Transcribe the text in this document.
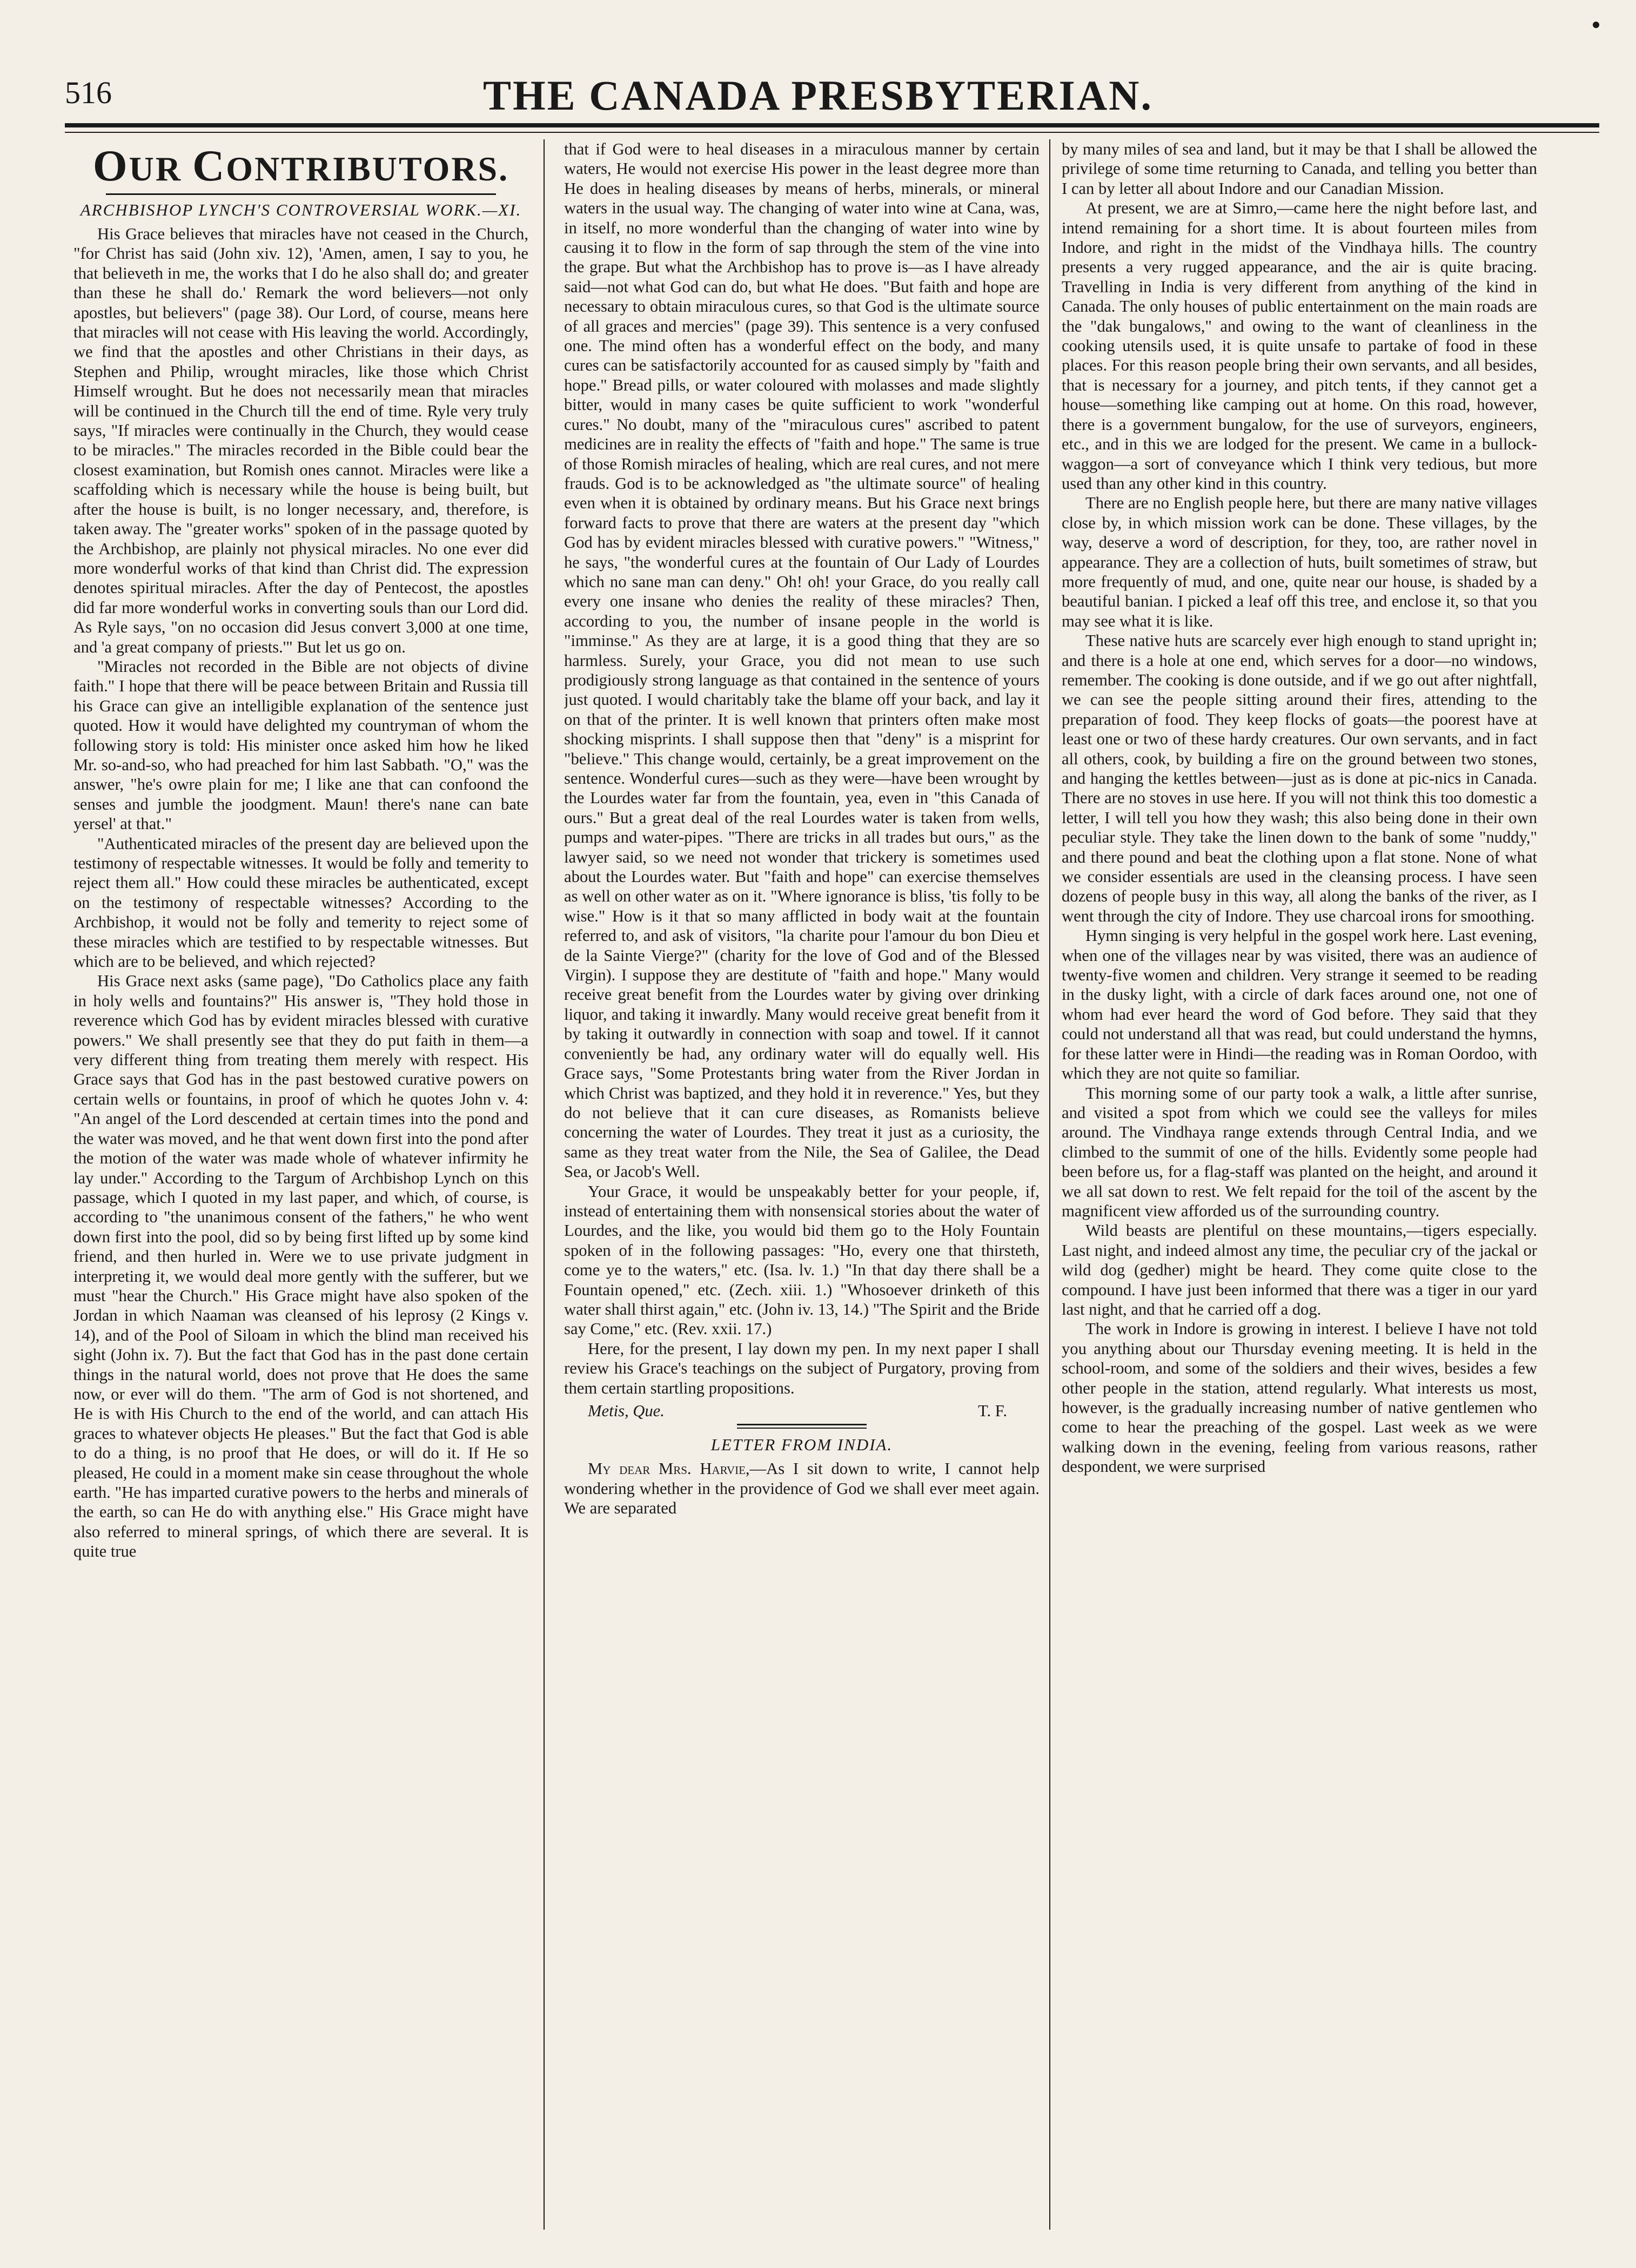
516	THE CANADA PRESBYTERIAN.
OUR CONTRIBUTORS.
ARCHBISHOP LYNCH'S CONTROVERSIAL WORK.—XI.

His Grace believes that miracles have not ceased in the Church, "for Christ has said (John xiv. 12), 'Amen, amen, I say to you, he that believeth in me, the works that I do he also shall do; and greater than these he shall do.' Remark the word believers—not only apostles, but believers" (page 38). Our Lord, of course, means here that miracles will not cease with His leaving the world. Accordingly, we find that the apostles and other Christians in their days, as Stephen and Philip, wrought miracles, like those which Christ Himself wrought. But he does not necessarily mean that miracles will be continued in the Church till the end of time. Ryle very truly says, "If miracles were continually in the Church, they would cease to be miracles." The miracles recorded in the Bible could bear the closest examination, but Romish ones cannot. Miracles were like a scaffolding which is necessary while the house is being built, but after the house is built, is no longer necessary, and, therefore, is taken away. The "greater works" spoken of in the passage quoted by the Archbishop, are plainly not physical miracles. No one ever did more wonderful works of that kind than Christ did. The expression denotes spiritual miracles. After the day of Pentecost, the apostles did far more wonderful works in converting souls than our Lord did. As Ryle says, "on no occasion did Jesus convert 3,000 at one time, and 'a great company of priests.'" But let us go on.

"Miracles not recorded in the Bible are not objects of divine faith." I hope that there will be peace between Britain and Russia till his Grace can give an intelligible explanation of the sentence just quoted. How it would have delighted my countryman of whom the following story is told: His minister once asked him how he liked Mr. so-and-so, who had preached for him last Sabbath. "O," was the answer, "he's owre plain for me; I like ane that can confoond the senses and jumble the joodgment. Maun! there's nane can bate yersel' at that."

"Authenticated miracles of the present day are believed upon the testimony of respectable witnesses. It would be folly and temerity to reject them all." How could these miracles be authenticated, except on the testimony of respectable witnesses? According to the Archbishop, it would not be folly and temerity to reject some of these miracles which are testified to by respectable witnesses. But which are to be believed, and which rejected?

His Grace next asks (same page), "Do Catholics place any faith in holy wells and fountains?" His answer is, "They hold those in reverence which God has by evident miracles blessed with curative powers." We shall presently see that they do put faith in them—a very different thing from treating them merely with respect. His Grace says that God has in the past bestowed curative powers on certain wells or fountains, in proof of which he quotes John v. 4: "An angel of the Lord descended at certain times into the pond and the water was moved, and he that went down first into the pond after the motion of the water was made whole of whatever infirmity he lay under." According to the Targum of Archbishop Lynch on this passage, which I quoted in my last paper, and which, of course, is according to "the unanimous consent of the fathers," he who went down first into the pool, did so by being first lifted up by some kind friend, and then hurled in. Were we to use private judgment in interpreting it, we would deal more gently with the sufferer, but we must "hear the Church." His Grace might have also spoken of the Jordan in which Naaman was cleansed of his leprosy (2 Kings v. 14), and of the Pool of Siloam in which the blind man received his sight (John ix. 7). But the fact that God has in the past done certain things in the natural world, does not prove that He does the same now, or ever will do them. "The arm of God is not shortened, and He is with His Church to the end of the world, and can attach His graces to whatever objects He pleases." But the fact that God is able to do a thing, is no proof that He does, or will do it. If He so pleased, He could in a moment make sin cease throughout the whole earth. "He has imparted curative powers to the herbs and minerals of the earth, so can He do with anything else." His Grace might have also referred to mineral springs, of which there are several. It is quite true

that if God were to heal diseases in a miraculous manner by certain waters, He would not exercise His power in the least degree more than He does in healing diseases by means of herbs, minerals, or mineral waters in the usual way. The changing of water into wine at Cana, was, in itself, no more wonderful than the changing of water into wine by causing it to flow in the form of sap through the stem of the vine into the grape. But what the Archbishop has to prove is—as I have already said—not what God can do, but what He does. "But faith and hope are necessary to obtain miraculous cures, so that God is the ultimate source of all graces and mercies" (page 39). This sentence is a very confused one. The mind often has a wonderful effect on the body, and many cures can be satisfactorily accounted for as caused simply by "faith and hope." Bread pills, or water coloured with molasses and made slightly bitter, would in many cases be quite sufficient to work "wonderful cures." No doubt, many of the "miraculous cures" ascribed to patent medicines are in reality the effects of "faith and hope." The same is true of those Romish miracles of healing, which are real cures, and not mere frauds. God is to be acknowledged as "the ultimate source" of healing even when it is obtained by ordinary means. But his Grace next brings forward facts to prove that there are waters at the present day "which God has by evident miracles blessed with curative powers." "Witness," he says, "the wonderful cures at the fountain of Our Lady of Lourdes which no sane man can deny." Oh! oh! your Grace, do you really call every one insane who denies the reality of these miracles? Then, according to you, the number of insane people in the world is "imminse." As they are at large, it is a good thing that they are so harmless. Surely, your Grace, you did not mean to use such prodigiously strong language as that contained in the sentence of yours just quoted. I would charitably take the blame off your back, and lay it on that of the printer. It is well known that printers often make most shocking misprints. I shall suppose then that "deny" is a misprint for "believe." This change would, certainly, be a great improvement on the sentence. Wonderful cures—such as they were—have been wrought by the Lourdes water far from the fountain, yea, even in "this Canada of ours." But a great deal of the real Lourdes water is taken from wells, pumps and water-pipes. "There are tricks in all trades but ours," as the lawyer said, so we need not wonder that trickery is sometimes used about the Lourdes water. But "faith and hope" can exercise themselves as well on other water as on it. "Where ignorance is bliss, 'tis folly to be wise." How is it that so many afflicted in body wait at the fountain referred to, and ask of visitors, "la charite pour l'amour du bon Dieu et de la Sainte Vierge?" (charity for the love of God and of the Blessed Virgin). I suppose they are destitute of "faith and hope." Many would receive great benefit from the Lourdes water by giving over drinking liquor, and taking it inwardly. Many would receive great benefit from it by taking it outwardly in connection with soap and towel. If it cannot conveniently be had, any ordinary water will do equally well. His Grace says, "Some Protestants bring water from the River Jordan in which Christ was baptized, and they hold it in reverence." Yes, but they do not believe that it can cure diseases, as Romanists believe concerning the water of Lourdes. They treat it just as a curiosity, the same as they treat water from the Nile, the Sea of Galilee, the Dead Sea, or Jacob's Well.

Your Grace, it would be unspeakably better for your people, if, instead of entertaining them with nonsensical stories about the water of Lourdes, and the like, you would bid them go to the Holy Fountain spoken of in the following passages: "Ho, every one that thirsteth, come ye to the waters," etc. (Isa. lv. 1.) "In that day there shall be a Fountain opened," etc. (Zech. xiii. 1.) "Whosoever drinketh of this water shall thirst again," etc. (John iv. 13, 14.) "The Spirit and the Bride say Come," etc. (Rev. xxii. 17.)

Here, for the present, I lay down my pen. In my next paper I shall review his Grace's teachings on the subject of Purgatory, proving from them certain startling propositions.

Metis, Que.	T. F.
LETTER FROM INDIA.

My dear Mrs. Harvie,—As I sit down to write, I cannot help wondering whether in the providence of God we shall ever meet again. We are separated

by many miles of sea and land, but it may be that I shall be allowed the privilege of some time returning to Canada, and telling you better than I can by letter all about Indore and our Canadian Mission.

At present, we are at Simro,—came here the night before last, and intend remaining for a short time. It is about fourteen miles from Indore, and right in the midst of the Vindhaya hills. The country presents a very rugged appearance, and the air is quite bracing. Travelling in India is very different from anything of the kind in Canada. The only houses of public entertainment on the main roads are the "dak bungalows," and owing to the want of cleanliness in the cooking utensils used, it is quite unsafe to partake of food in these places. For this reason people bring their own servants, and all besides, that is necessary for a journey, and pitch tents, if they cannot get a house—something like camping out at home. On this road, however, there is a government bungalow, for the use of surveyors, engineers, etc., and in this we are lodged for the present. We came in a bullock-waggon—a sort of conveyance which I think very tedious, but more used than any other kind in this country.

There are no English people here, but there are many native villages close by, in which mission work can be done. These villages, by the way, deserve a word of description, for they, too, are rather novel in appearance. They are a collection of huts, built sometimes of straw, but more frequently of mud, and one, quite near our house, is shaded by a beautiful banian. I picked a leaf off this tree, and enclose it, so that you may see what it is like.

These native huts are scarcely ever high enough to stand upright in; and there is a hole at one end, which serves for a door—no windows, remember. The cooking is done outside, and if we go out after nightfall, we can see the people sitting around their fires, attending to the preparation of food. They keep flocks of goats—the poorest have at least one or two of these hardy creatures. Our own servants, and in fact all others, cook, by building a fire on the ground between two stones, and hanging the kettles between—just as is done at pic-nics in Canada. There are no stoves in use here. If you will not think this too domestic a letter, I will tell you how they wash; this also being done in their own peculiar style. They take the linen down to the bank of some "nuddy," and there pound and beat the clothing upon a flat stone. None of what we consider essentials are used in the cleansing process. I have seen dozens of people busy in this way, all along the banks of the river, as I went through the city of Indore. They use charcoal irons for smoothing.

Hymn singing is very helpful in the gospel work here. Last evening, when one of the villages near by was visited, there was an audience of twenty-five women and children. Very strange it seemed to be reading in the dusky light, with a circle of dark faces around one, not one of whom had ever heard the word of God before. They said that they could not understand all that was read, but could understand the hymns, for these latter were in Hindi—the reading was in Roman Oordoo, with which they are not quite so familiar.

This morning some of our party took a walk, a little after sunrise, and visited a spot from which we could see the valleys for miles around. The Vindhaya range extends through Central India, and we climbed to the summit of one of the hills. Evidently some people had been before us, for a flag-staff was planted on the height, and around it we all sat down to rest. We felt repaid for the toil of the ascent by the magnificent view afforded us of the surrounding country.

Wild beasts are plentiful on these mountains,—tigers especially. Last night, and indeed almost any time, the peculiar cry of the jackal or wild dog (gedher) might be heard. They come quite close to the compound. I have just been informed that there was a tiger in our yard last night, and that he carried off a dog.

The work in Indore is growing in interest. I believe I have not told you anything about our Thursday evening meeting. It is held in the school-room, and some of the soldiers and their wives, besides a few other people in the station, attend regularly. What interests us most, however, is the gradually increasing number of native gentlemen who come to hear the preaching of the gospel. Last week as we were walking down in the evening, feeling from various reasons, rather despondent, we were surprised
